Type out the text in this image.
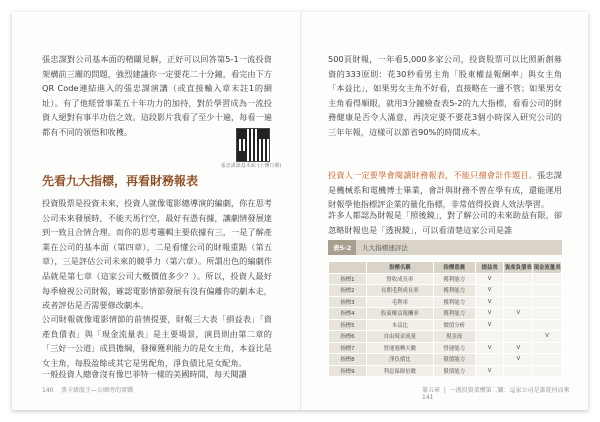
張忠謀對公司基本面的精闢見解，正好可以回答第5-1一流投資架構前三關的問題，強烈建議你一定要花二十分鐘，看完由下方QR Code連結進入的張忠謀演講（或直接輸入章末註1的網址）。有了他經營事業五十年功力的加持，對於學習成為一流投資人絕對有事半功倍之效。這段影片我看了至少十遍，每看一遍都有不同的領悟和收穫。

張忠謀談基本面 (上傳日期)
先看九大指標，再看財務報表

投資股票是投資未來，投資人就像電影總導演的編劇，你在思考公司未來發展時，不能天馬行空，最好有憑有據，讓劇情發展達到一致且合情合理。而你的思考邏輯主要依據有三，一是了解產業在公司的基本面（第四章），二是看懂公司的財報重點（第五章），三是評估公司未來的競爭力（第六章）。所謂出色的編劇作品就是第七章（這家公司大概價值多少？）。所以，投資人最好每季檢視公司財報，確認電影情節發展有沒有偏離你的劇本走，或者評估是否需要修改劇本。

公司財報就像電影情節的前情提要，財報三大表「損益表」「資產負債表」與「現金流量表」是主要場景，演員則由第二章的「三好一公道」成員擔綱，發揮獲利能力的是女主角，本益比是女主角，每股盈餘或其它是男配角，淨負債比是女配角。

一般投資人總會沒有像巴菲特一樣的美國時間，每天閱讀

140 黑卡級股王—公園旁的實戰

500頁財報，一年看5,000多家公司，投資股票可以比照新創募資的333原則：花30秒看男主角「股東權益報酬率」與女主角「本益比」，如果男女主角不好看，直接略在一邊不管；如果男女主角看得順眼，就用3分鐘檢查表5-2的九大指標，看看公司的財務健康是否令人滿意，再決定要不要花3個小時深入研究公司的三年年報，這樣可以節省90%的時間成本。

投資人一定要學會閱讀財務報表，不能只擅會計作題目。張忠謀是機械系和電機博士畢業，會計與財務不曾在學有成，還能運用財報學他指標評企業的量化指標，非常值得投資人效法學習。

許多人都認為財報是「照後鏡」，對了解公司的未來助益有限，卻忽略財報也是「透視鏡」，可以看清楚這家公司是誰

表5-2	九大指標速評法
	指標名稱	指標意義	損益表	資產負債表	現金流量表
指標1	營收成長率	獲利能力	V		
指標2	長期毛利成長率	獲利能力	V		
指標3	毛利率	獲利能力	V		
指標4	股東權益報酬率	獲利能力	V	V	
指標5	本益比	價值分析	V		
指標6	自由現金流量	現金流			V
指標7	營運週轉天數	營運能力	V	V	
指標8	淨負債比	償債能力		V	
指標9	利息保障倍數	償債能力	V		
第五章  |  一流投資架構第二關：這家公司是誰從何而來    141
